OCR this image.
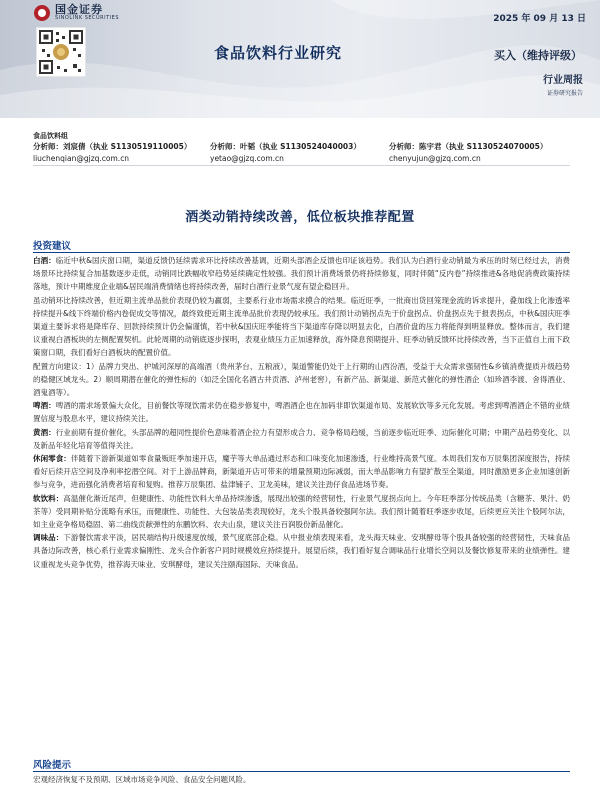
国金证券
SINOLINK SECURITIES	2025 年 09 月 13 日
食品饮料行业研究	买入（维持评级）
行业周报
证券研究报告
食品饮料组
分析师：刘宸倩（执业 S1130519110005）
liuchenqian@gjzq.com.cn
分析师：叶韬（执业 S1130524040003）
yetao@gjzq.com.cn
分析师：陈宇君（执业 S1130524070005）
chenyujun@gjzq.com.cn
酒类动销持续改善，低位板块推荐配置
投资建议

白酒：临近中秋&国庆窗口期，渠道反馈仍延续需求环比持续改善基调，近期头部酒企反馈也印证该趋势。我们认为白酒行业动销最为承压的时刻已经过去，消费场景环比持续复合加基数逐步走低，动销同比跌幅收窄趋势延续确定性较强。我们预计消费场景仍将持续修复，同时伴随“反内卷”持续推进&各地促消费政策持续落地，预计中期维度企业端&居民端消费情绪也将持续改善，届时白酒行业景气度有望企稳回升。

虽动销环比持续改善，但近期主流单品批价表现仍较为羸弱，主要系行业市场需求摸合的结果。临近旺季，一批商出货回笼现金流的诉求提升，叠加线上化渗透率持续提升&线下终端价格内卷促成交等情况，最终致使近期主流单品批价表现仍较承压。我们预计动销拐点先于价盘拐点、价盘拐点先于报表拐点，中秋&国庆旺季渠道主要诉求将是降库存、回款持续预计仍会偏谨慎，若中秋&国庆旺季能将当下渠道库存降以明显去化，白酒价盘的压力将能得到明显释放。整体而言，我们建议重视白酒板块的左侧配置契机。此轮周期的动销底逐步探明，表观业绩压力正加速释放，海外降息预期提升、旺季动销反馈环比持续改善，当下正值自上而下政策窗口期，我们看好白酒板块的配置价值。

配置方向建议：1）品牌力突出、护城河深厚的高端酒（贵州茅台、五粮液），渠道警能仍处于上行期的山西汾酒，受益于大众需求强韧性&乡镇消费提质升级趋势的稳健区域龙头。2）顺周期潜在催化的弹性标的（如泛全国化名酒古井贡酒、泸州老窖），有新产品、新渠道、新范式催化的弹性酒企（如珍酒李渡、舍得酒业、酒鬼酒等）。

啤酒：啤酒的需求场景偏大众化，目前餐饮等现饮需求仍在稳步修复中，啤酒酒企也在加码非即饮渠道布局、发展软饮等多元化发展。考虑到啤酒酒企不错的业绩置信度与股息水平，建议持续关注。

黄酒：行业前期有提价催化，头部品牌的超同性提价色意味着酒企拉力有望形成合力、竞争格局趋缓，当前逐步临近旺季、边际催化可期；中期产品趋势变化、以及新品年轻化培育等值得关注。

休闲零食：伴随着下游新渠道如零食量贩旺季加速开店，魔芋等大单品通过形态和口味变化加速渗透，行业维持高景气度。本周我们发布万辰集团深度报告，持续看好后续开店空间及净利率挖潜空间。对于上游品牌商，新渠道开店可带来的增量预期边际减弱，而大单品影响力有望扩散至全渠道，同时激励更多企业加速创新参与竞争，进而强化消费者培育和复购。推荐万辰集团、盐津铺子、卫龙美味，建议关注劲仔食品进场节奏。

软饮料：高温催化渐近尾声，但健康性、功能性饮料大单品持续渗透，展现出较强的经营韧性，行业景气度拐点向上。今年旺季部分传统品类（含糖茶、果汁、奶茶等）受同期补贴分流略有承压，而健康性、功能性、大包装品类表现较好，龙头个股具备较强阿尔法。我们预计随着旺季逐步收尾，后续更应关注个股阿尔法，如主业竞争格局稳固、第二曲线贡献弹性的东鹏饮料、农夫山泉，建议关注百润股份新品催化。

调味品：下游餐饮需求平淡，居民端结构升级速度放缓，景气度底部企稳。从中报业绩表现来看，龙头海天味业、安琪酵母等个股具备较强的经营韧性，天味食品具备边际改善，核心系行业需求偏刚性、龙头合作新客户同时规模效应持续提升。展望后续，我们看好复合调味品行业增长空间以及餐饮修复带来的业绩弹性。建议重视龙头竞争优势，推荐海天味业、安琪酵母，建议关注颐海国际、天味食品。

风险提示
宏观经济恢复不及预期、区域市场竞争风险、食品安全问题风险。
